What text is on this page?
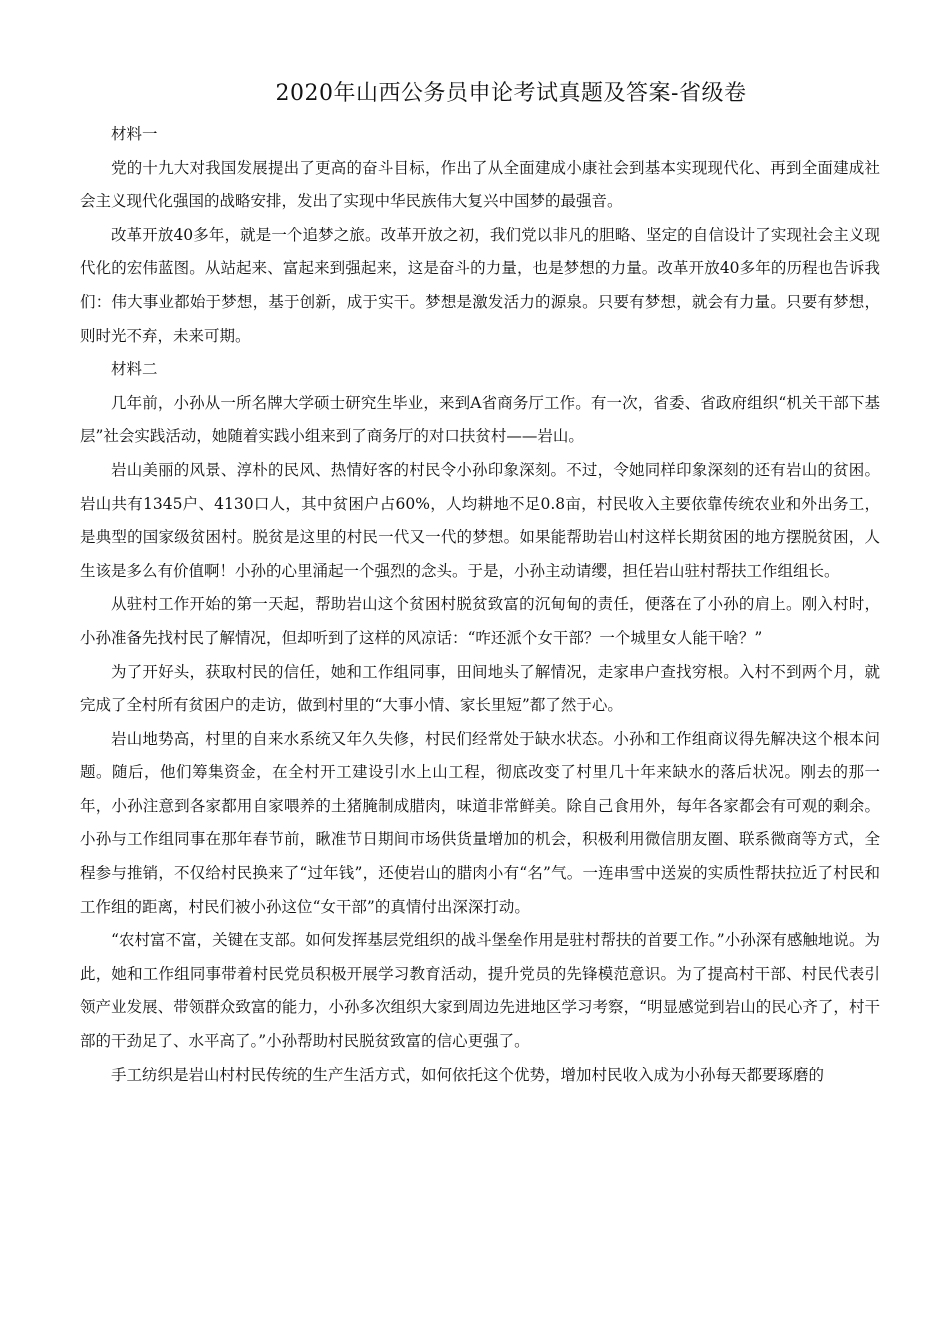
2020年山西公务员申论考试真题及答案-省级卷

材料一

党的十九大对我国发展提出了更高的奋斗目标，作出了从全面建成小康社会到基本实现现代化、再到全面建成社会主义现代化强国的战略安排，发出了实现中华民族伟大复兴中国梦的最强音。

改革开放40多年，就是一个追梦之旅。改革开放之初，我们党以非凡的胆略、坚定的自信设计了实现社会主义现代化的宏伟蓝图。从站起来、富起来到强起来，这是奋斗的力量，也是梦想的力量。改革开放40多年的历程也告诉我们：伟大事业都始于梦想，基于创新，成于实干。梦想是激发活力的源泉。只要有梦想，就会有力量。只要有梦想，则时光不弃，未来可期。

材料二

几年前，小孙从一所名牌大学硕士研究生毕业，来到A省商务厅工作。有一次，省委、省政府组织“机关干部下基层”社会实践活动，她随着实践小组来到了商务厅的对口扶贫村——岩山。

岩山美丽的风景、淳朴的民风、热情好客的村民令小孙印象深刻。不过，令她同样印象深刻的还有岩山的贫困。岩山共有1345户、4130口人，其中贫困户占60%，人均耕地不足0.8亩，村民收入主要依靠传统农业和外出务工，是典型的国家级贫困村。脱贫是这里的村民一代又一代的梦想。如果能帮助岩山村这样长期贫困的地方摆脱贫困，人生该是多么有价值啊！小孙的心里涌起一个强烈的念头。于是，小孙主动请缨，担任岩山驻村帮扶工作组组长。

从驻村工作开始的第一天起，帮助岩山这个贫困村脱贫致富的沉甸甸的责任，便落在了小孙的肩上。刚入村时，小孙准备先找村民了解情况，但却听到了这样的风凉话：“咋还派个女干部？一个城里女人能干啥？”

为了开好头，获取村民的信任，她和工作组同事，田间地头了解情况，走家串户查找穷根。入村不到两个月，就完成了全村所有贫困户的走访，做到村里的“大事小情、家长里短”都了然于心。

岩山地势高，村里的自来水系统又年久失修，村民们经常处于缺水状态。小孙和工作组商议得先解决这个根本问题。随后，他们筹集资金，在全村开工建设引水上山工程，彻底改变了村里几十年来缺水的落后状况。刚去的那一年，小孙注意到各家都用自家喂养的土猪腌制成腊肉，味道非常鲜美。除自己食用外，每年各家都会有可观的剩余。小孙与工作组同事在那年春节前，瞅准节日期间市场供货量增加的机会，积极利用微信朋友圈、联系微商等方式，全程参与推销，不仅给村民换来了“过年钱”，还使岩山的腊肉小有“名”气。一连串雪中送炭的实质性帮扶拉近了村民和工作组的距离，村民们被小孙这位“女干部”的真情付出深深打动。

“农村富不富，关键在支部。如何发挥基层党组织的战斗堡垒作用是驻村帮扶的首要工作。”小孙深有感触地说。为此，她和工作组同事带着村民党员积极开展学习教育活动，提升党员的先锋模范意识。为了提高村干部、村民代表引领产业发展、带领群众致富的能力，小孙多次组织大家到周边先进地区学习考察，“明显感觉到岩山的民心齐了，村干部的干劲足了、水平高了。”小孙帮助村民脱贫致富的信心更强了。

手工纺织是岩山村村民传统的生产生活方式，如何依托这个优势，增加村民收入成为小孙每天都要琢磨的
